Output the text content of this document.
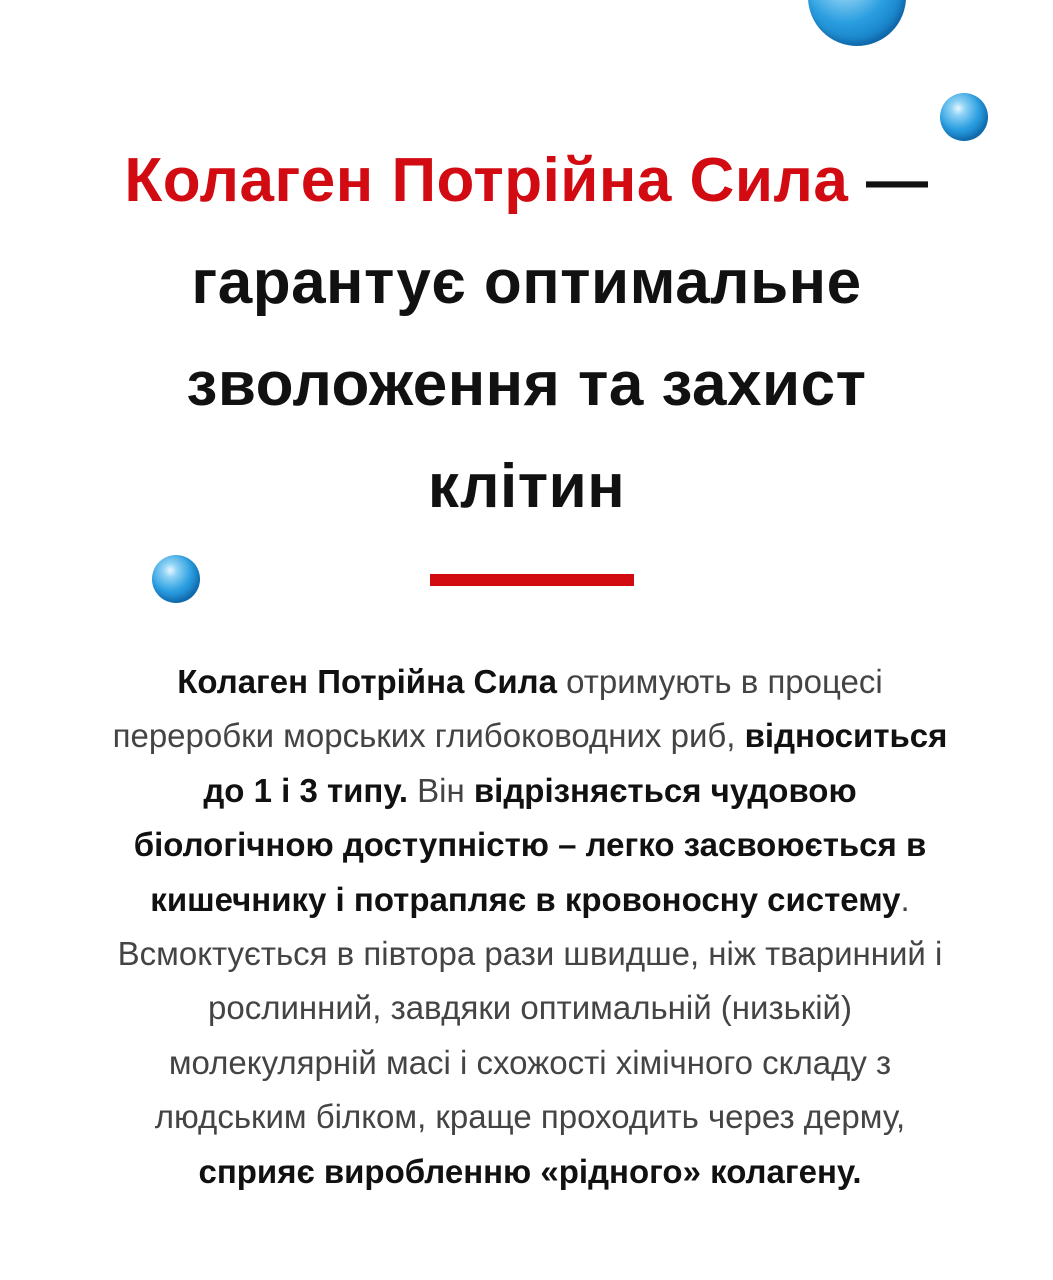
Колаген Потрійна Сила — гарантує оптимальне зволоження та захист клітин

Колаген Потрійна Сила отримують в процесі переробки морських глибоководних риб, відноситься до 1 і 3 типу. Він відрізняється чудовою біологічною доступністю – легко засвоюється в кишечнику і потрапляє в кровоносну систему. Всмоктується в півтора рази швидше, ніж тваринний і рослинний, завдяки оптимальній (низькій) молекулярній масі і схожості хімічного складу з людським білком, краще проходить через дерму, сприяє виробленню «рідного» колагену.
